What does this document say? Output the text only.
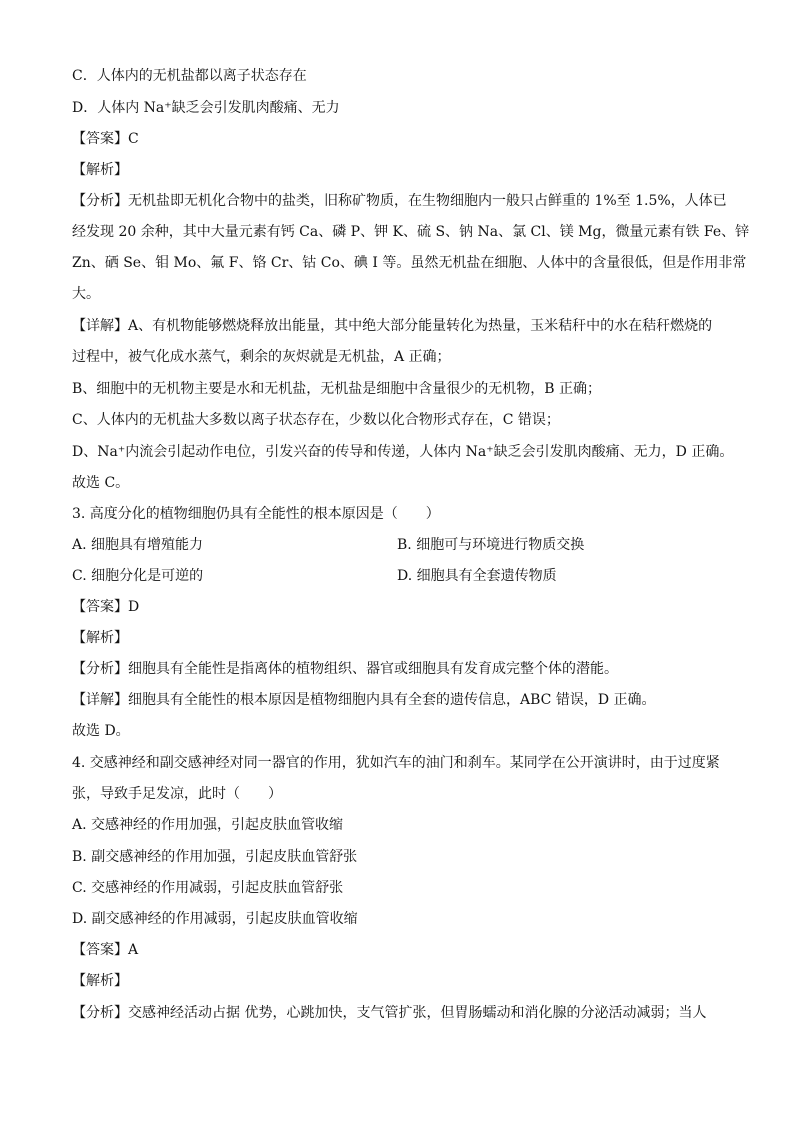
C．人体内的无机盐都以离子状态存在
D．人体内 Na⁺缺乏会引发肌肉酸痛、无力
【答案】C
【解析】
【分析】无机盐即无机化合物中的盐类，旧称矿物质，在生物细胞内一般只占鲜重的 1%至 1.5%，人体已
经发现 20 余种，其中大量元素有钙 Ca、磷 P、钾 K、硫 S、钠 Na、氯 Cl、镁 Mg，微量元素有铁 Fe、锌
Zn、硒 Se、钼 Mo、氟 F、铬 Cr、钴 Co、碘 I 等。虽然无机盐在细胞、人体中的含量很低，但是作用非常
大。
【详解】A、有机物能够燃烧释放出能量，其中绝大部分能量转化为热量，玉米秸秆中的水在秸秆燃烧的
过程中，被气化成水蒸气，剩余的灰烬就是无机盐，A 正确；
B、细胞中的无机物主要是水和无机盐，无机盐是细胞中含量很少的无机物，B 正确；
C、人体内的无机盐大多数以离子状态存在，少数以化合物形式存在，C 错误；
D、Na⁺内流会引起动作电位，引发兴奋的传导和传递，人体内 Na⁺缺乏会引发肌肉酸痛、无力，D 正确。
故选 C。
3. 高度分化的植物细胞仍具有全能性的根本原因是（　　）
A. 细胞具有增殖能力	B. 细胞可与环境进行物质交换
C. 细胞分化是可逆的	D. 细胞具有全套遗传物质
【答案】D
【解析】
【分析】细胞具有全能性是指离体的植物组织、器官或细胞具有发育成完整个体的潜能。
【详解】细胞具有全能性的根本原因是植物细胞内具有全套的遗传信息，ABC 错误，D 正确。
故选 D。
4. 交感神经和副交感神经对同一器官的作用，犹如汽车的油门和刹车。某同学在公开演讲时，由于过度紧
张，导致手足发凉，此时（　　）
A. 交感神经的作用加强，引起皮肤血管收缩
B. 副交感神经的作用加强，引起皮肤血管舒张
C. 交感神经的作用减弱，引起皮肤血管舒张
D. 副交感神经的作用减弱，引起皮肤血管收缩
【答案】A
【解析】
【分析】交感神经活动占据 优势，心跳加快，支气管扩张，但胃肠蠕动和消化腺的分泌活动减弱；当人
